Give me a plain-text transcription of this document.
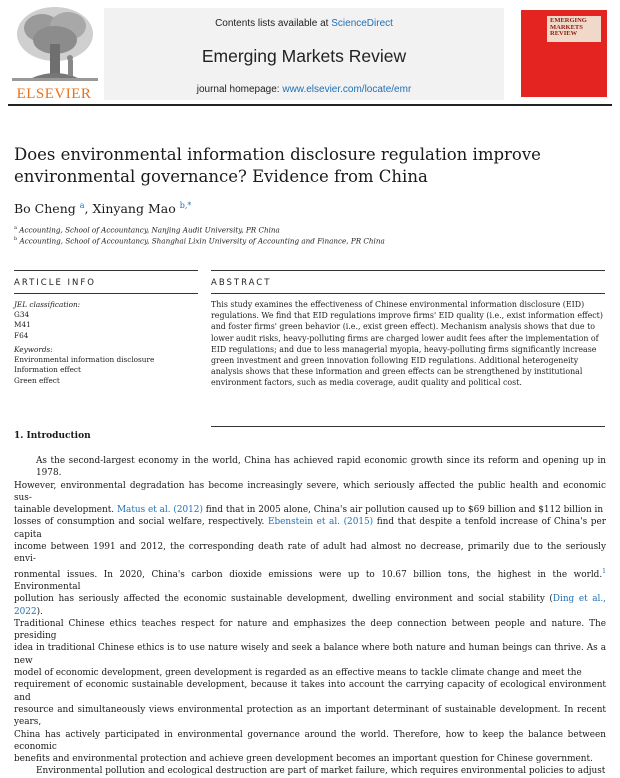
ELSEVIER
Contents lists available at ScienceDirect
Emerging Markets Review
journal homepage: www.elsevier.com/locate/emr
EMERGING
MARKETS
REVIEW
Does environmental information disclosure regulation improve
environmental governance? Evidence from China
Bo Cheng $^a$, Xinyang Mao $^{b,*}$
$^a$ Accounting, School of Accountancy, Nanjing Audit University, PR China
$^b$ Accounting, School of Accountancy, Shanghai Lixin University of Accounting and Finance, PR China
ARTICLE INFO	ABSTRACT
JEL classification:
G34
M41
F64
Keywords:
Environmental information disclosure
Information effect
Green effect
This study examines the effectiveness of Chinese environmental information disclosure (EID)
regulations. We find that EID regulations improve firms' EID quality (i.e., exist information effect)
and foster firms' green behavior (i.e., exist green effect). Mechanism analysis shows that due to
lower audit risks, heavy-polluting firms are charged lower audit fees after the implementation of
EID regulations; and due to less managerial myopia, heavy-polluting firms significantly increase
green investment and green innovation following EID regulations. Additional heterogeneity
analysis shows that these information and green effects can be strengthened by institutional
environment factors, such as media coverage, audit quality and political cost.
1. Introduction
As the second-largest economy in the world, China has achieved rapid economic growth since its reform and opening up in 1978.
However, environmental degradation has become increasingly severe, which seriously affected the public health and economic sus-
tainable development. Matus et al. (2012) find that in 2005 alone, China's air pollution caused up to $69 billion and $112 billion in
losses of consumption and social welfare, respectively. Ebenstein et al. (2015) find that despite a tenfold increase of China's per capita
income between 1991 and 2012, the corresponding death rate of adult had almost no decrease, primarily due to the seriously envi-
ronmental issues. In 2020, China's carbon dioxide emissions were up to 10.67 billion tons, the highest in the world.$^1$ Environmental
pollution has seriously affected the economic sustainable development, dwelling environment and social stability (Ding et al., 2022).
Traditional Chinese ethics teaches respect for nature and emphasizes the deep connection between people and nature. The presiding
idea in traditional Chinese ethics is to use nature wisely and seek a balance where both nature and human beings can thrive. As a new
model of economic development, green development is regarded as an effective means to tackle climate change and meet the
requirement of economic sustainable development, because it takes into account the carrying capacity of ecological environment and
resource and simultaneously views environmental protection as an important determinant of sustainable development. In recent years,
China has actively participated in environmental governance around the world. Therefore, how to keep the balance between economic
benefits and environmental protection and achieve green development becomes an important question for Chinese government.
Environmental pollution and ecological destruction are part of market failure, which requires environmental policies to adjust
